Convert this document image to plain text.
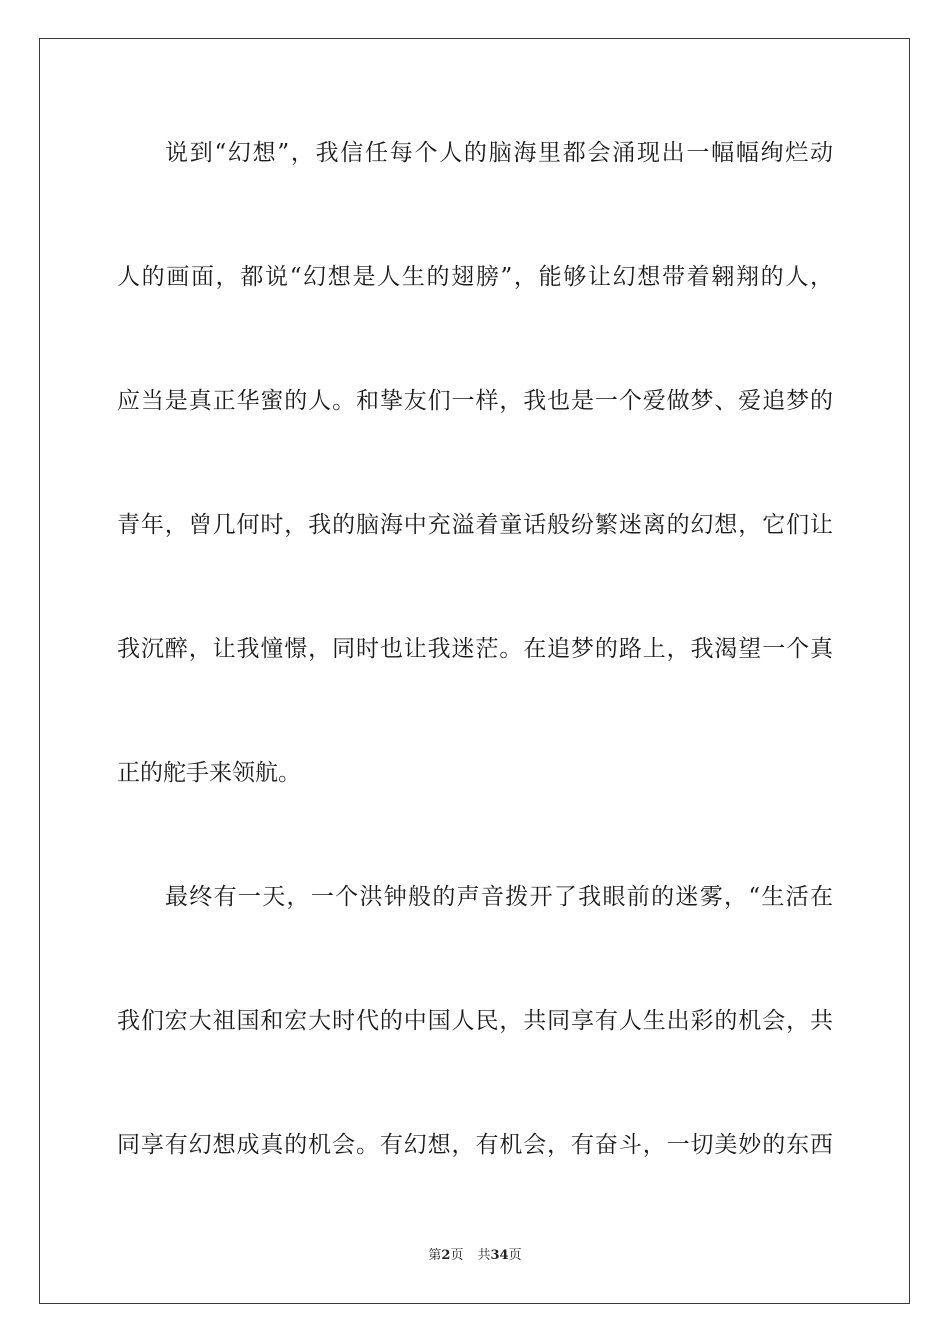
说到“幻想”，我信任每个人的脑海里都会涌现出一幅幅绚烂动
人的画面，都说“幻想是人生的翅膀”，能够让幻想带着翱翔的人，
应当是真正华蜜的人。和挚友们一样，我也是一个爱做梦、爱追梦的
青年，曾几何时，我的脑海中充溢着童话般纷繁迷离的幻想，它们让
我沉醉，让我憧憬，同时也让我迷茫。在追梦的路上，我渴望一个真
正的舵手来领航。
最终有一天，一个洪钟般的声音拨开了我眼前的迷雾，“生活在
我们宏大祖国和宏大时代的中国人民，共同享有人生出彩的机会，共
同享有幻想成真的机会。有幻想，有机会，有奋斗，一切美妙的东西
第2页 共34页
